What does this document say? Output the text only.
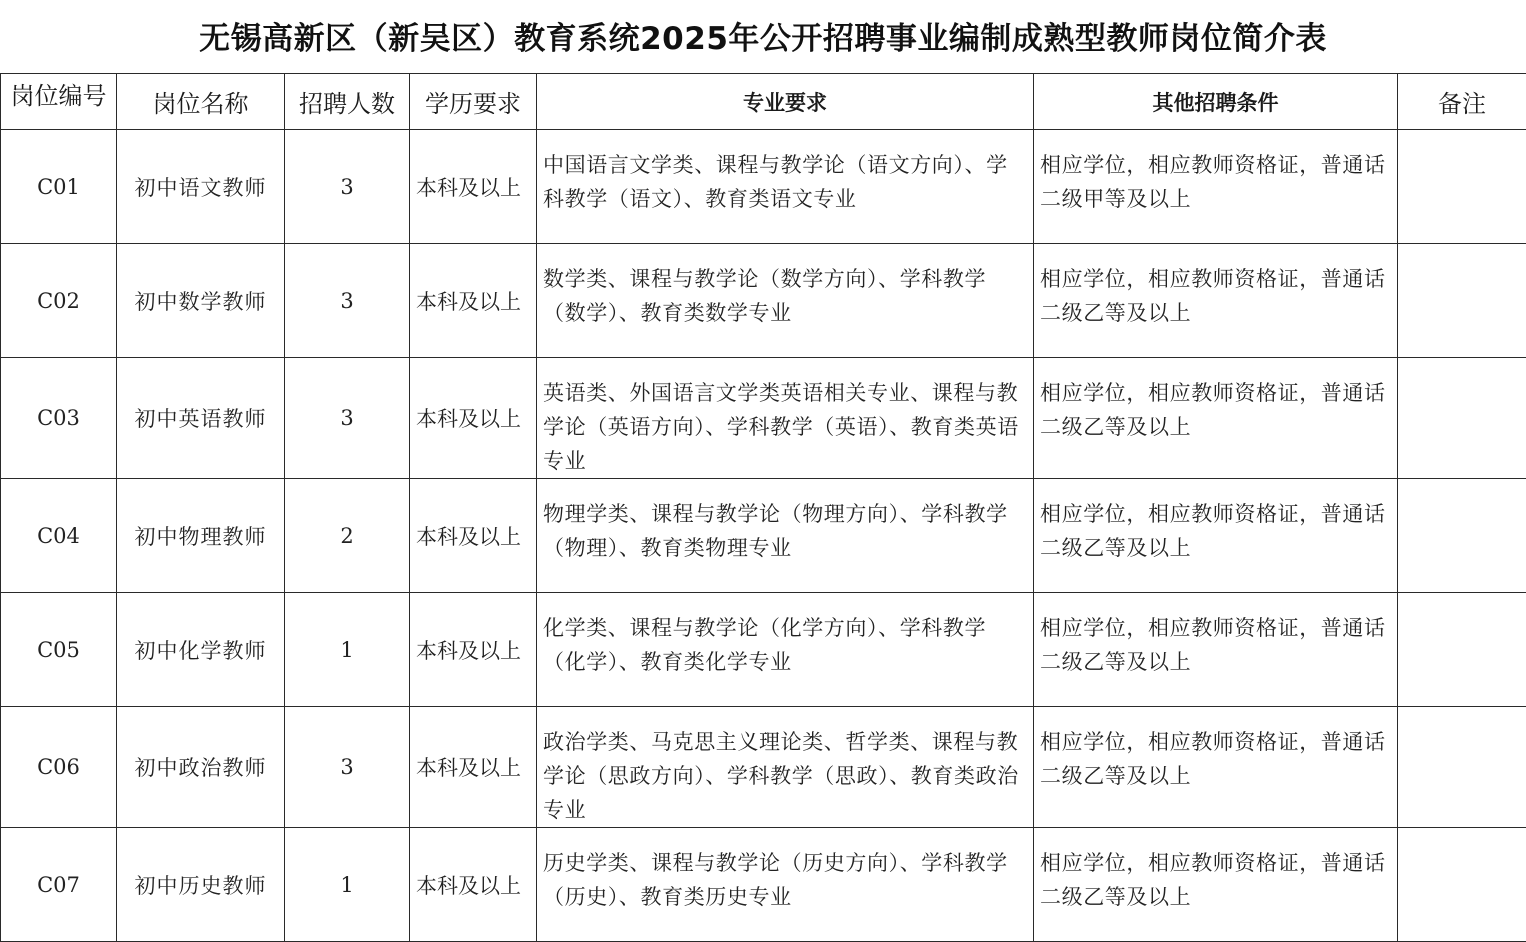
无锡高新区（新吴区）教育系统2025年公开招聘事业编制成熟型教师岗位简介表
岗位编号	岗位名称	招聘人数	学历要求	专业要求	其他招聘条件	备注
C01	初中语文教师	3	本科及以上	中国语言文学类、课程与教学论（语文方向）、学科教学（语文）、教育类语文专业	相应学位，相应教师资格证，普通话二级甲等及以上	
C02	初中数学教师	3	本科及以上	数学类、课程与教学论（数学方向）、学科教学（数学）、教育类数学专业	相应学位，相应教师资格证，普通话二级乙等及以上	
C03	初中英语教师	3	本科及以上	英语类、外国语言文学类英语相关专业、课程与教学论（英语方向）、学科教学（英语）、教育类英语专业	相应学位，相应教师资格证，普通话二级乙等及以上	
C04	初中物理教师	2	本科及以上	物理学类、课程与教学论（物理方向）、学科教学（物理）、教育类物理专业	相应学位，相应教师资格证，普通话二级乙等及以上	
C05	初中化学教师	1	本科及以上	化学类、课程与教学论（化学方向）、学科教学（化学）、教育类化学专业	相应学位，相应教师资格证，普通话二级乙等及以上	
C06	初中政治教师	3	本科及以上	政治学类、马克思主义理论类、哲学类、课程与教学论（思政方向）、学科教学（思政）、教育类政治专业	相应学位，相应教师资格证，普通话二级乙等及以上	
C07	初中历史教师	1	本科及以上	历史学类、课程与教学论（历史方向）、学科教学（历史）、教育类历史专业	相应学位，相应教师资格证，普通话二级乙等及以上	
